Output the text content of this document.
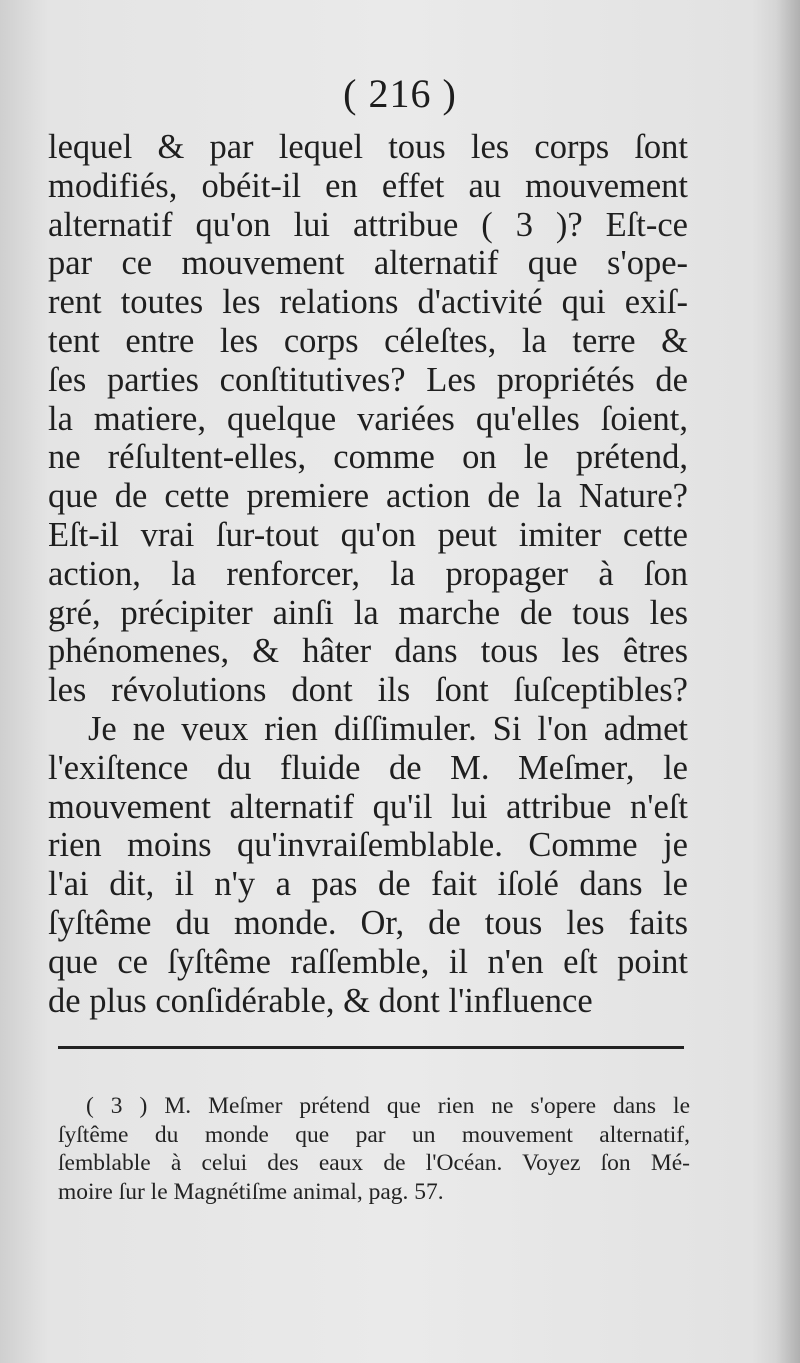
( 216 )
lequel & par lequel tous les corps ſont
modifiés, obéit-il en effet au mouvement
alternatif qu'on lui attribue ( 3 )? Eſt-ce
par ce mouvement alternatif que s'ope-
rent toutes les relations d'activité qui exiſ-
tent entre les corps céleſtes, la terre &
ſes parties conſtitutives? Les propriétés de
la matiere, quelque variées qu'elles ſoient,
ne réſultent-elles, comme on le prétend,
que de cette premiere action de la Nature?
Eſt-il vrai ſur-tout qu'on peut imiter cette
action, la renforcer, la propager à ſon
gré, précipiter ainſi la marche de tous les
phénomenes, & hâter dans tous les êtres
les révolutions dont ils ſont ſuſceptibles?
Je ne veux rien diſſimuler. Si l'on admet
l'exiſtence du fluide de M. Meſmer, le
mouvement alternatif qu'il lui attribue n'eſt
rien moins qu'invraiſemblable. Comme je
l'ai dit, il n'y a pas de fait iſolé dans le
ſyſtême du monde. Or, de tous les faits
que ce ſyſtême raſſemble, il n'en eſt point
de plus conſidérable, & dont l'influence
( 3 ) M. Meſmer prétend que rien ne s'opere dans le
ſyſtême du monde que par un mouvement alternatif,
ſemblable à celui des eaux de l'Océan. Voyez ſon Mé-
moire ſur le Magnétiſme animal, pag. 57.
